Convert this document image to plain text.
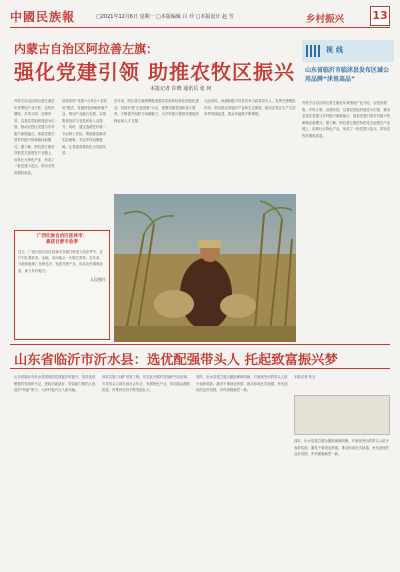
中國民族報	□2021年12月6日 星期一 □本版编辑 吕 玲 □本版设计 赵 雪	乡村振兴	13
内蒙古自治区阿拉善左旗：
强化党建引领 助推农牧区振兴
本报记者 许晓 通讯员 张 珂
视线
山东省临沂市临沭县发布区域公用品牌“沭里高品”
内蒙古自治区阿拉善左旗近年来围绕产业兴旺、农牧民增收、乡风文明、治理有效，以基层党组织建设为引领，推动农牧区党建与乡村振兴深度融合，探索党建引领乡村振兴的新路径新模式。据了解，阿拉善左旗坚持把党支部建在产业链上，培育壮大特色产业，形成了一批党建示范点，带动农牧民增收致富。
该旗坚持“党建+合作社+农牧民”模式，发展特色种植养殖产业，推动产业融合发展，实现集体经济与农牧民收入双提升。同时，通过选派驻村第一书记和工作队，帮助基层解决实际困难，夯实乡村治理基础，让党建成果转化为发展实效。
近年来，阿拉善左旗统筹推进基层党组织标准化规范化建设，持续开展“红色领航”行动，建强村级党组织战斗堡垒，不断提升组织力和凝聚力，为乡村振兴提供坚强组织保证和人才支撑。
与此同时，该旗积极引导党员争当致富带头人，发挥先锋模范作用，带动群众发展沙产业和生态旅游，推动农牧区生产生活条件持续改善，群众幸福感不断增强。
内蒙古自治区阿拉善左旗近年来围绕产业兴旺、农牧民增收、乡风文明、治理有效，以基层党组织建设为引领，推动农牧区党建与乡村振兴深度融合，探索党建引领乡村振兴的新路径新模式。据了解，阿拉善左旗坚持把党支部建在产业链上，培育壮大特色产业，形成了一批党建示范点，带动农牧民增收致富。
广西壮族自治区桂林市：
喜获甘蔗丰收季
近日，广西壮族自治区桂林市各地甘蔗进入收获季节，农户们忙着砍收、运输，田间地头一片繁忙景象。近年来，当地积极推广良种良法，发展甘蔗产业，带动农民增收致富，助力乡村振兴。
人民图片
山东省临沂市沂水县：选优配强带头人 托起致富振兴梦
山东省临沂市沂水县围绕抓党建促乡村振兴，坚持选优配强村党组织书记，把政治素质好、带富能力强的人选进村“两委”班子，为乡村振兴注入新动能。
该县实施“头雁”培育工程，常态化开展村党组织书记培训，引导带头人领办创办合作社，发展特色产业，带动群众增收致富，村集体经济不断发展壮大。
同时，沂水县建立健全激励保障机制，对表现突出的带头人给予表彰奖励，激发干事创业热情，推动形成比学赶超、争先创优的良好氛围，乡村面貌焕然一新。
本报记者 张玉
同时，沂水县建立健全激励保障机制，对表现突出的带头人给予表彰奖励，激发干事创业热情，推动形成比学赶超、争先创优的良好氛围，乡村面貌焕然一新。
